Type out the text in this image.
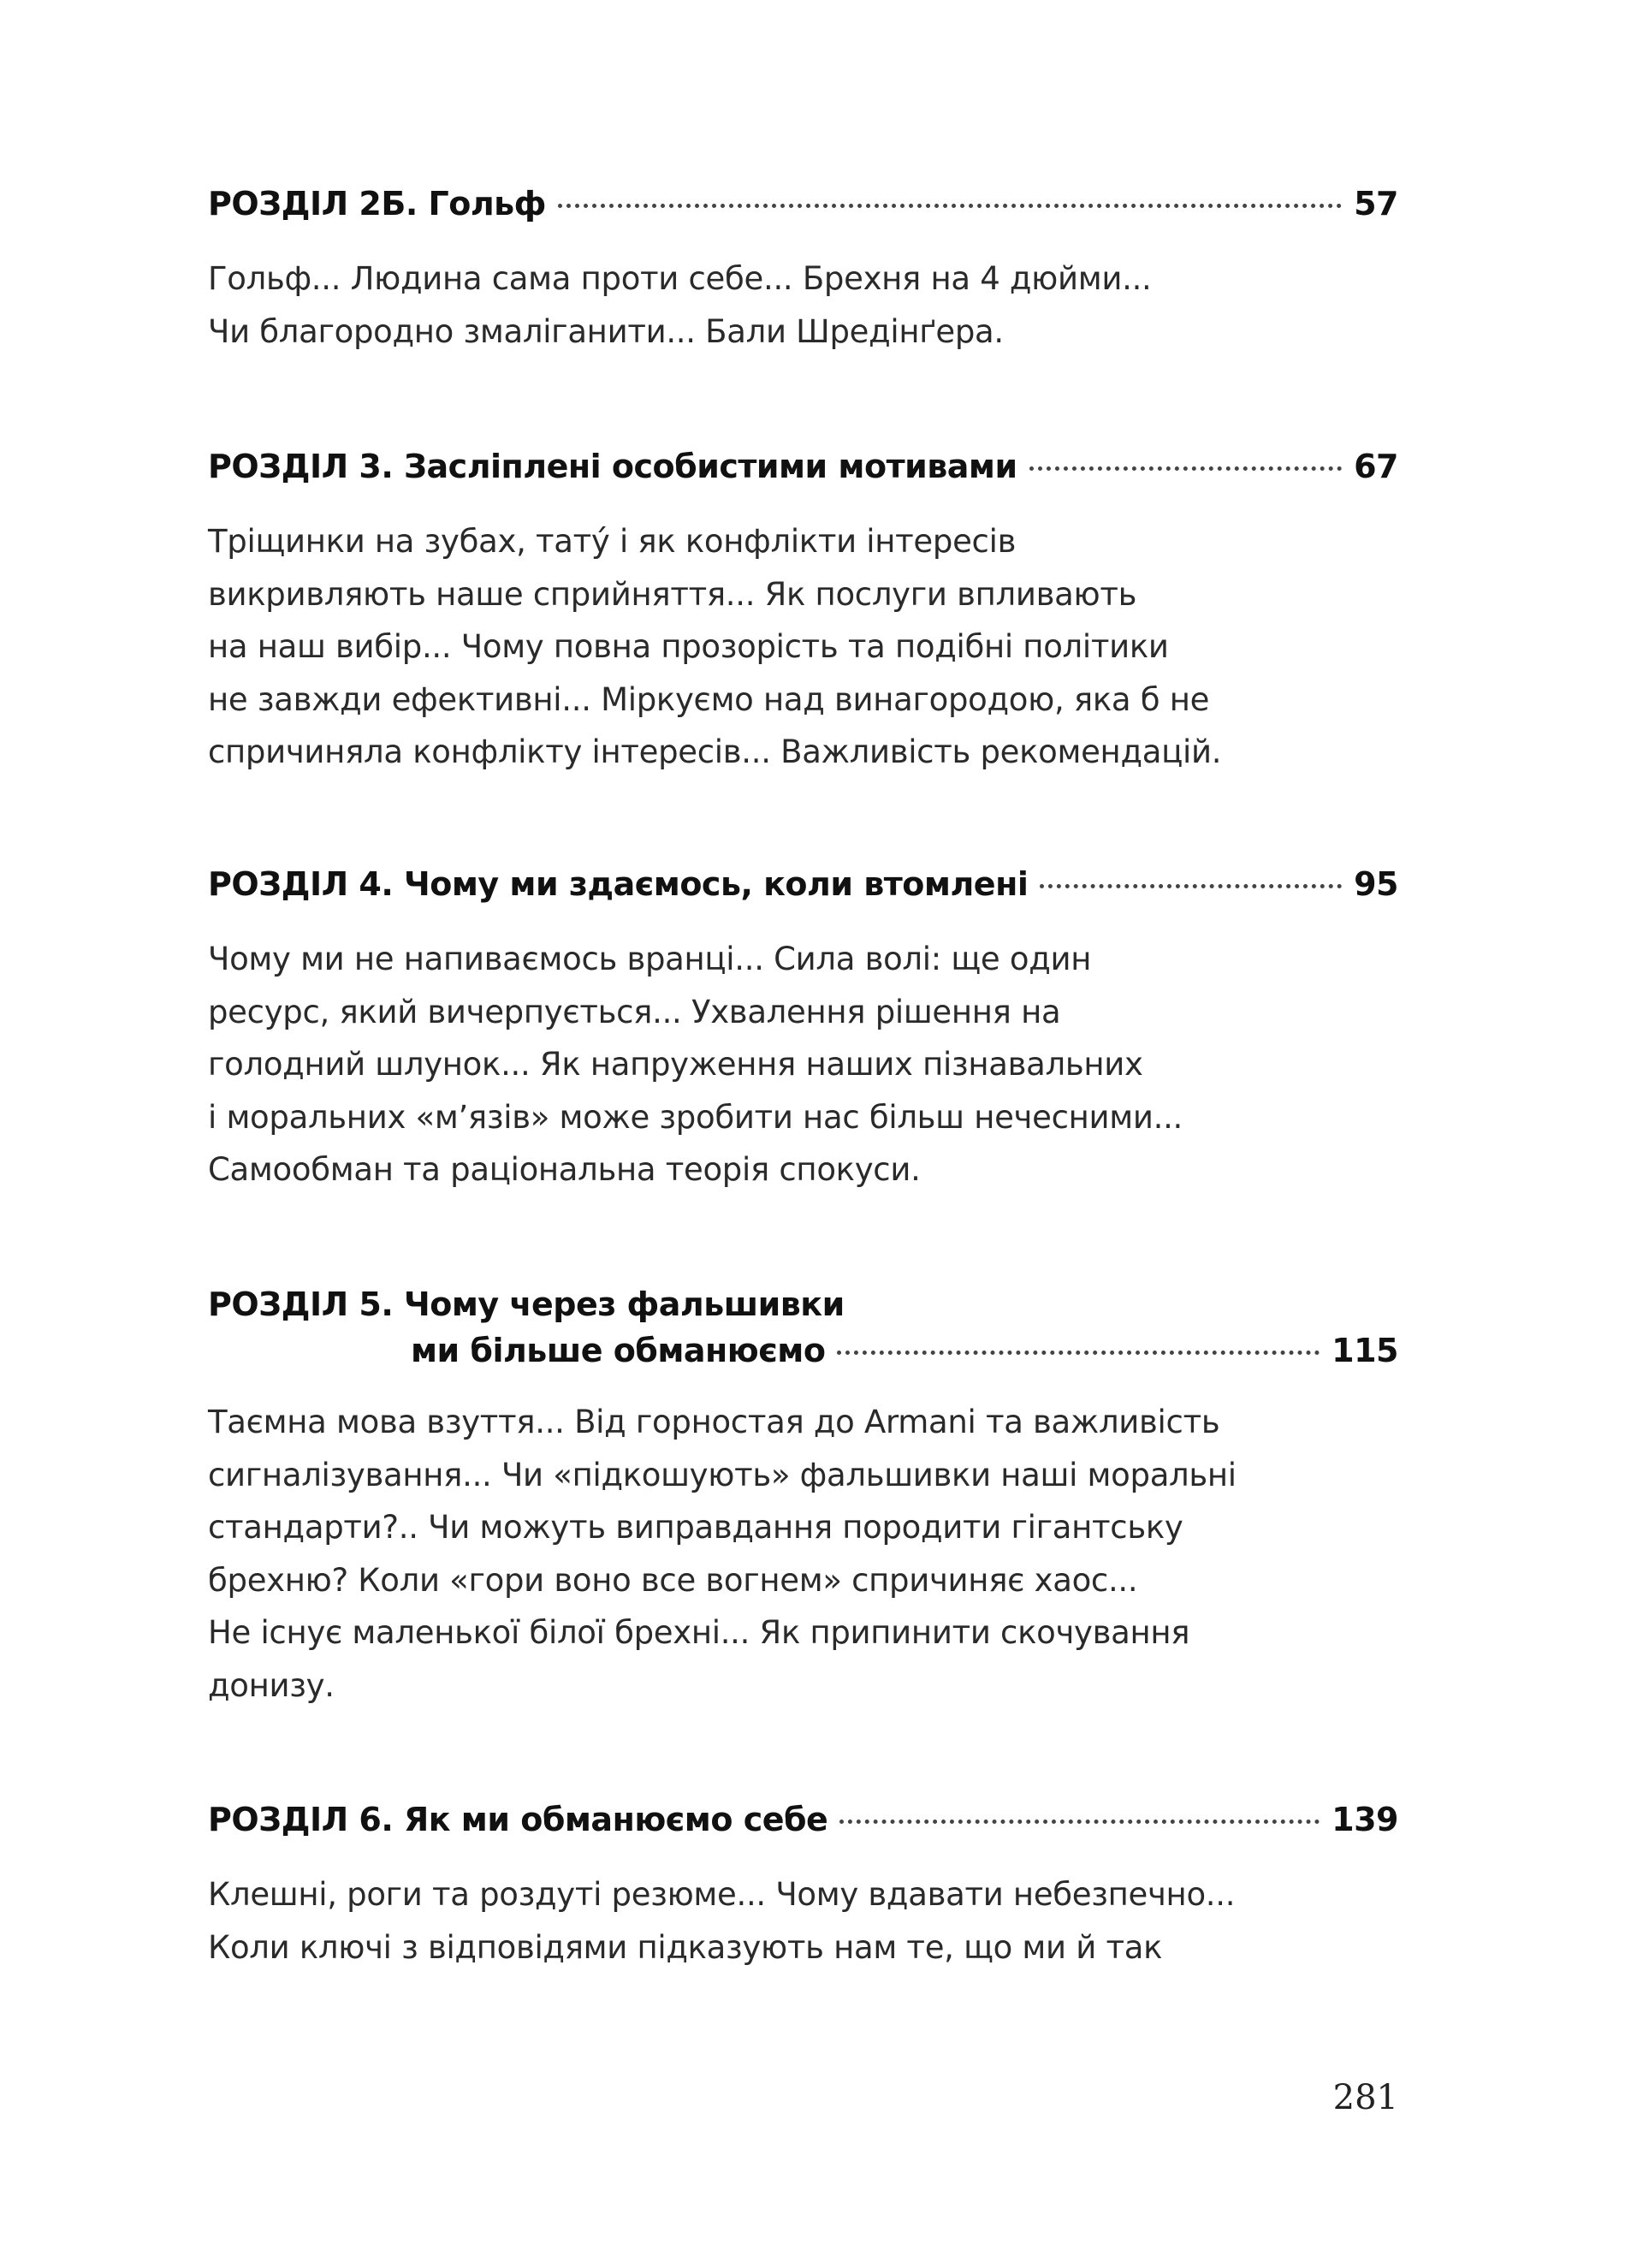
РОЗДІЛ 2Б. Гольф	57
Гольф... Людина сама проти себе... Брехня на 4 дюйми...
Чи благородно змаліганити... Бали Шредінґера.
РОЗДІЛ 3. Засліплені особистими мотивами	67
Тріщинки на зубах, тату́ і як конфлікти інтересів
викривляють наше сприйняття... Як послуги впливають
на наш вибір... Чому повна прозорість та подібні політики
не завжди ефективні... Міркуємо над винагородою, яка б не
спричиняла конфлікту інтересів... Важливість рекомендацій.
РОЗДІЛ 4. Чому ми здаємось, коли втомлені	95
Чому ми не напиваємось вранці... Сила волі: ще один
ресурс, який вичерпується... Ухвалення рішення на
голодний шлунок... Як напруження наших пізнавальних
і моральних «м’язів» може зробити нас більш нечесними...
Самообман та раціональна теорія спокуси.
РОЗДІЛ 5. Чому через фальшивки
ми більше обманюємо	115
Таємна мова взуття... Від горностая до Armani та важливість
сигналізування... Чи «підкошують» фальшивки наші моральні
стандарти?.. Чи можуть виправдання породити гігантську
брехню? Коли «гори воно все вогнем» спричиняє хаос...
Не існує маленької білої брехні... Як припинити скочування
донизу.
РОЗДІЛ 6. Як ми обманюємо себе	139
Клешні, роги та роздуті резюме... Чому вдавати небезпечно...
Коли ключі з відповідями підказують нам те, що ми й так
281
